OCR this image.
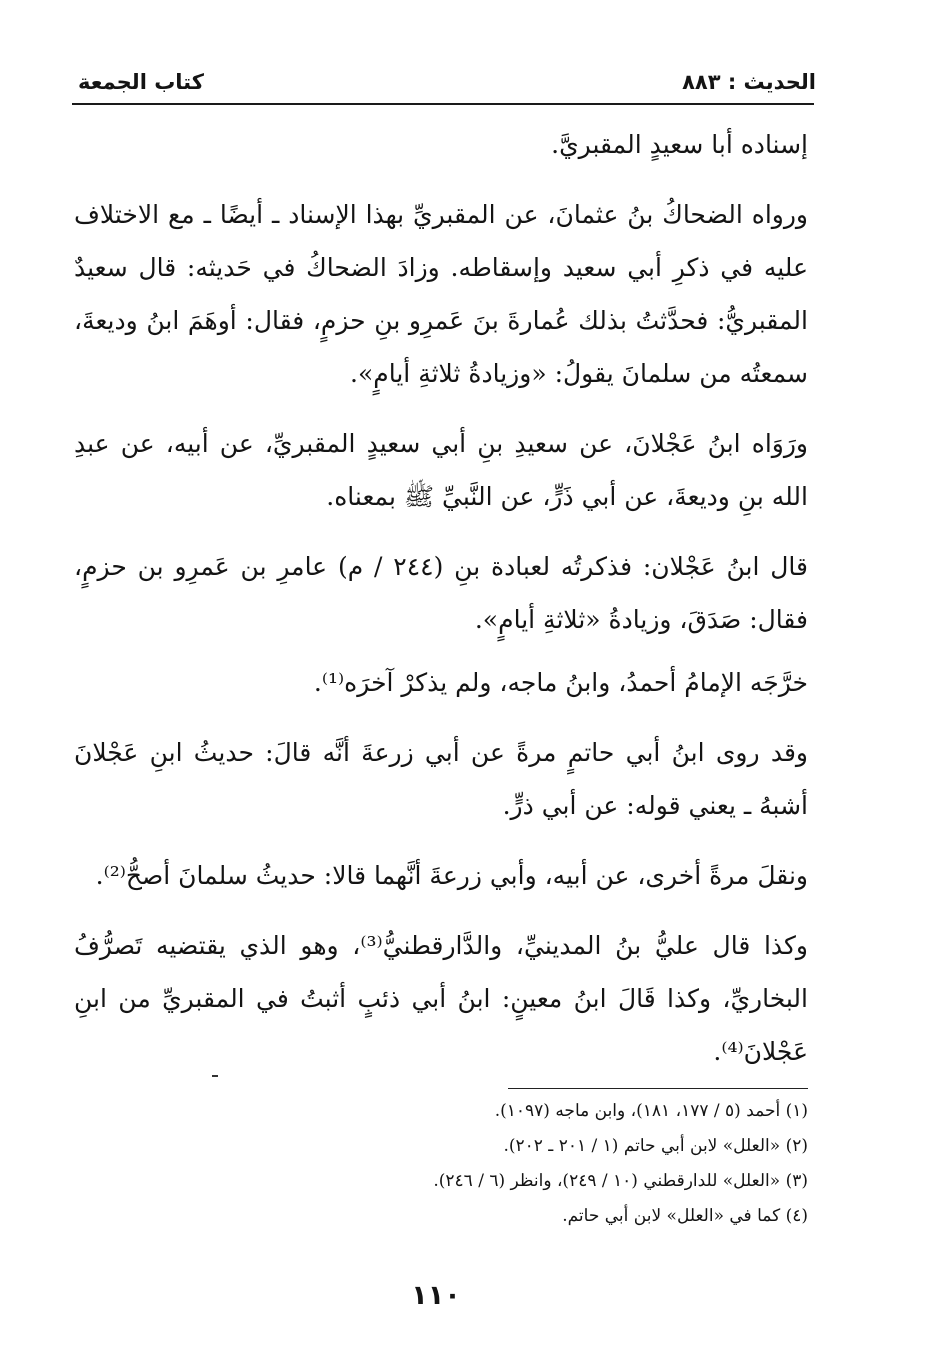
الحديث : ٨٨٣
كتاب الجمعة

إسناده أبا سعيدٍ المقبريَّ.

ورواه الضحاكُ بنُ عثمانَ، عن المقبريِّ بهذا الإسناد ـ أيضًا ـ مع الاختلاف عليه في ذكرِ أبي سعيد وإسقاطه. وزادَ الضحاكُ في حَديثه: قال سعيدٌ المقبريُّ: فحدَّثتُ بذلك عُمارةَ بنَ عَمرِو بنِ حزمٍ، فقال: أوهَمَ ابنُ وديعةَ، سمعتُه من سلمانَ يقولُ: «وزيادةُ ثلاثةِ أيامٍ».

ورَوَاه ابنُ عَجْلانَ، عن سعيدِ بنِ أبي سعيدٍ المقبريِّ، عن أبيه، عن عبدِ الله بنِ وديعةَ، عن أبي ذَرٍّ، عن النَّبيِّ ﷺ بمعناه.

قال ابنُ عَجْلان: فذكرتُه لعبادة بنِ (٢٤٤ / م) عامرِ بن عَمرِو بن حزمٍ، فقال: صَدَقَ، وزيادةُ «ثلاثةِ أيامٍ».

خرَّجَه الإمامُ أحمدُ، وابنُ ماجه، ولم يذكرْ آخرَه⁽¹⁾.

وقد روى ابنُ أبي حاتمٍ مرةً عن أبي زرعةَ أنَّه قالَ: حديثُ ابنِ عَجْلانَ أشبهُ ـ يعني قوله: عن أبي ذرٍّ.

ونقلَ مرةً أخرى، عن أبيه، وأبي زرعةَ أنَّهما قالا: حديثُ سلمانَ أصحُّ⁽²⁾.

وكذا قال عليُّ بنُ المدينيِّ، والدَّارقطنيُّ⁽³⁾، وهو الذي يقتضيه تَصرُّفُ البخاريِّ، وكذا قَالَ ابنُ معينٍ: ابنُ أبي ذئبٍ أثبتُ في المقبريِّ من ابنِ عَجْلانَ⁽⁴⁾.

(١) أحمد (٥ / ١٧٧، ١٨١)، وابن ماجه (١٠٩٧).
(٢) «العلل» لابن أبي حاتم (١ / ٢٠١ ـ ٢٠٢).
(٣) «العلل» للدارقطني (١٠ / ٢٤٩)، وانظر (٦ / ٢٤٦).
(٤) كما في «العلل» لابن أبي حاتم.
١١٠
